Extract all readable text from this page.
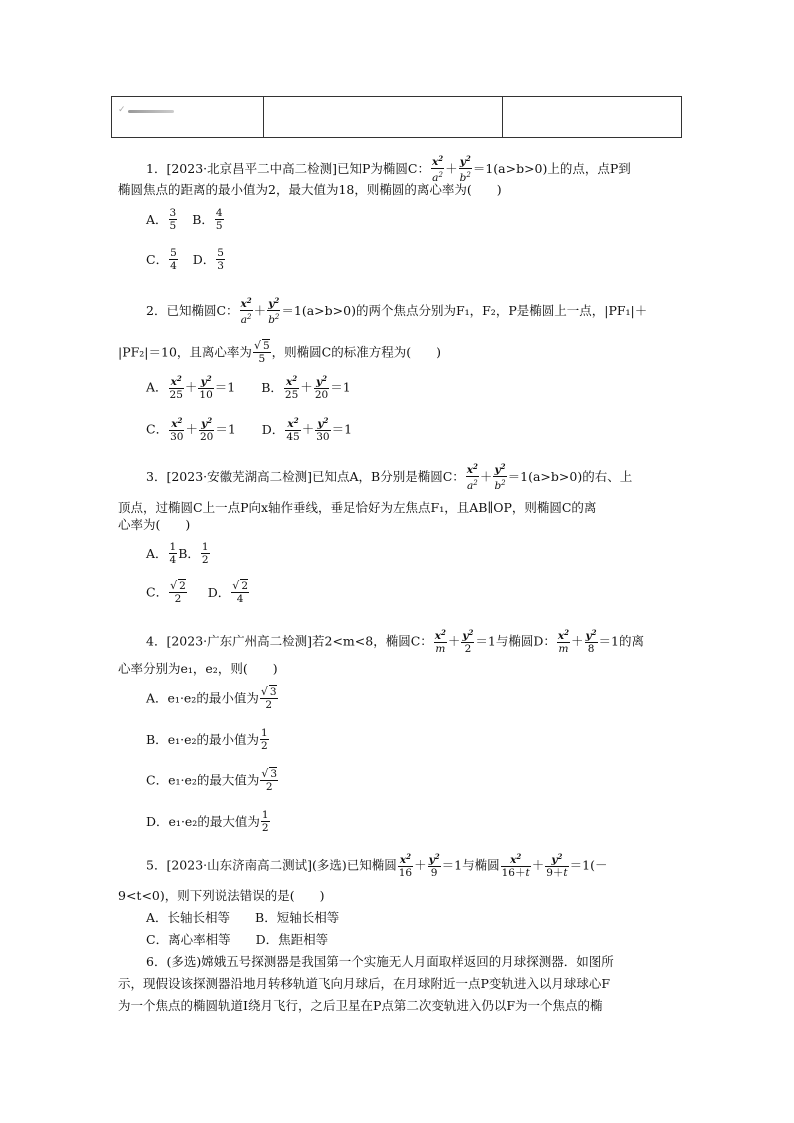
✓
1．[2023·北京昌平二中高二检测]已知P为椭圆C： $\frac{x^2}{a^2} + \frac{y^2}{b^2} =1(a>b>0)$上的点，点P到
椭圆焦点的距离的最小值为2，最大值为18，则椭圆的离心率为(　　)
A． $\frac{3}{5}$ B． $\frac{4}{5}$
C． $\frac{5}{4}$ D． $\frac{5}{3}$
2．已知椭圆C： $\frac{x^2}{a^2} + \frac{y^2}{b^2} =1(a>b>0)$的两个焦点分别为F₁，F₂，P是椭圆上一点，|PF₁|＋
|PF₂|＝10，且离心率为 $\frac{√ 5}{5}$ ，则椭圆C的标准方程为(　　)
A． $\frac{x^2}{25} + \frac{y^2}{10} =1$ B． $\frac{x^2}{25} + \frac{y^2}{20} =1$
C． $\frac{x^2}{30} + \frac{y^2}{20} =1$ D． $\frac{x^2}{45} + \frac{y^2}{30} =1$
3．[2023·安徽芜湖高二检测]已知点A，B分别是椭圆C： $\frac{x^2}{a^2} + \frac{y^2}{b^2} =1(a>b>0)$的右、上
顶点，过椭圆C上一点P向x轴作垂线，垂足恰好为左焦点F₁，且AB∥OP，则椭圆C的离
心率为(　　)
A． $\frac{1}{4}$ B． $\frac{1}{2}$
C． $\frac{√ 2}{2}$ D． $\frac{√ 2}{4}$
4．[2023·广东广州高二检测]若2<m<8，椭圆C： $\frac{x^2}{m} + \frac{y^2}{2} =1$与椭圆D： $\frac{x^2}{m} + \frac{y^2}{8} =1$的离
心率分别为e₁，e₂，则(　　)
A．e₁·e₂的最小值为 $\frac{√ 3}{2}$
B．e₁·e₂的最小值为 $\frac{1}{2}$
C．e₁·e₂的最大值为 $\frac{√ 3}{2}$
D．e₁·e₂的最大值为 $\frac{1}{2}$
5．[2023·山东济南高二测试](多选)已知椭圆 $\frac{x^2}{16} + \frac{y^2}{9} =1$与椭圆 $\frac{x^2}{16+t} + \frac{y^2}{9+t} =1(-$
9<t<0)，则下列说法错误的是(　　)
A．长轴长相等　　B．短轴长相等
C．离心率相等　　D．焦距相等
6．(多选)嫦娥五号探测器是我国第一个实施无人月面取样返回的月球探测器．如图所
示，现假设该探测器沿地月转移轨道飞向月球后，在月球附近一点P变轨进入以月球球心F
为一个焦点的椭圆轨道Ⅰ绕月飞行，之后卫星在P点第二次变轨进入仍以F为一个焦点的椭
